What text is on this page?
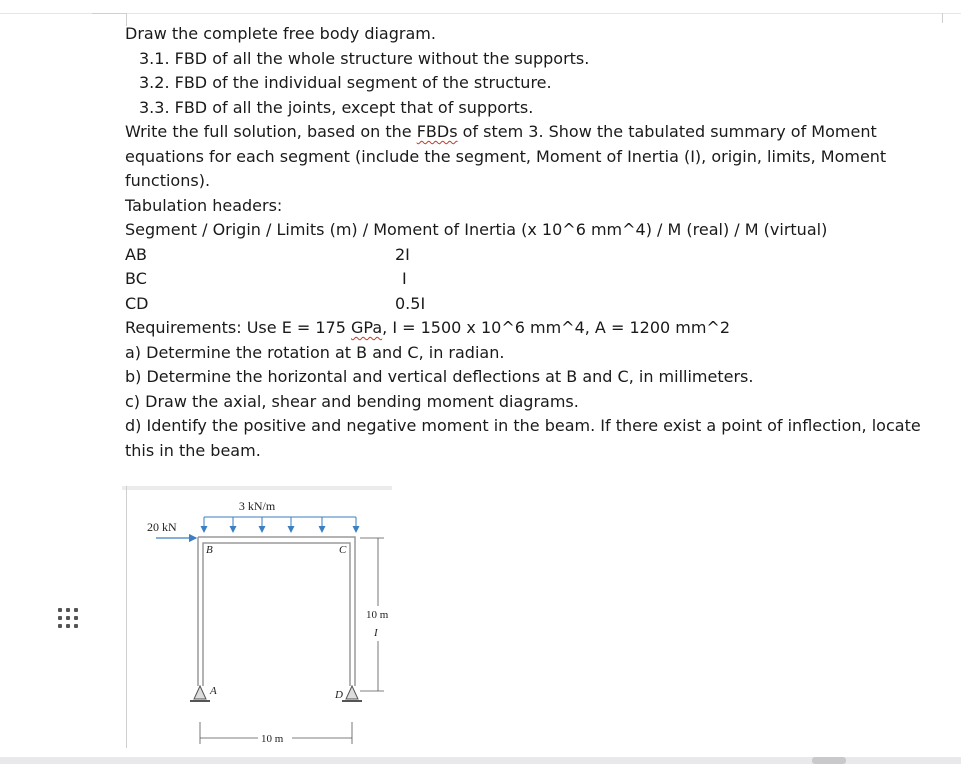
Draw the complete free body diagram.
3.1. FBD of all the whole structure without the supports.
3.2. FBD of the individual segment of the structure.
3.3. FBD of all the joints, except that of supports.
Write the full solution, based on the FBDs of stem 3. Show the tabulated summary of Moment equations for each segment (include the segment, Moment of Inertia (I), origin, limits, Moment functions).
Tabulation headers:
Segment / Origin / Limits (m) / Moment of Inertia (x 10^6 mm^4) / M (real) / M (virtual)
AB	2I
BC	I
CD	0.5I
Requirements: Use E = 175 GPa, I = 1500 x 10^6 mm^4, A = 1200 mm^2
a) Determine the rotation at B and C, in radian.
b) Determine the horizontal and vertical deflections at B and C, in millimeters.
c) Draw the axial, shear and bending moment diagrams.
d) Identify the positive and negative moment in the beam. If there exist a point of inflection, locate this in the beam.
3 kN/m
20 kN
B	C
A	D
10 m
I
10 m
